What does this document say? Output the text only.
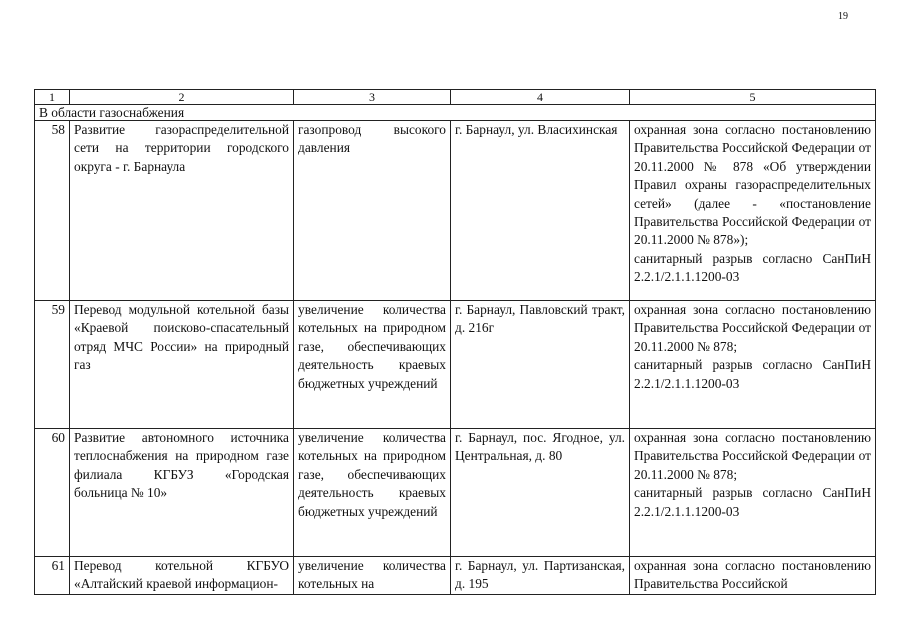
19
1	2	3	4	5
В области газоснабжения				
58	Развитие газораспределительной сети на территории городского округа - г. Барнаула	газопровод высокого давления	г. Барнаул, ул. Власихинская	охранная зона согласно постановлению Правительства Российской Федерации от 20.11.2000 № 878 «Об утверждении Правил охраны газораспределительных сетей» (далее - «постановление Правительства Российской Федерации от 20.11.2000 № 878»);
санитарный разрыв согласно СанПиН 2.2.1/2.1.1.1200-03

59	Перевод модульной котельной базы «Краевой поисково-спасательный отряд МЧС России» на природный газ	увеличение количества котельных на природном газе, обеспечивающих деятельность краевых бюджетных учреждений	г. Барнаул, Павловский тракт, д. 216г	охранная зона согласно постановлению Правительства Российской Федерации от 20.11.2000 № 878;
санитарный разрыв согласно СанПиН 2.2.1/2.1.1.1200-03

60	Развитие автономного источника теплоснабжения на природном газе филиала КГБУЗ «Городская больница № 10»	увеличение количества котельных на природном газе, обеспечивающих деятельность краевых бюджетных учреждений	г. Барнаул, пос. Ягодное, ул. Центральная, д. 80	охранная зона согласно постановлению Правительства Российской Федерации от 20.11.2000 № 878;
санитарный разрыв согласно СанПиН 2.2.1/2.1.1.1200-03

61	Перевод котельной КГБУО «Алтайский краевой информацион-	увеличение количества котельных на	г. Барнаул, ул. Партизанская, д. 195	охранная зона согласно постановлению Правительства Российской
